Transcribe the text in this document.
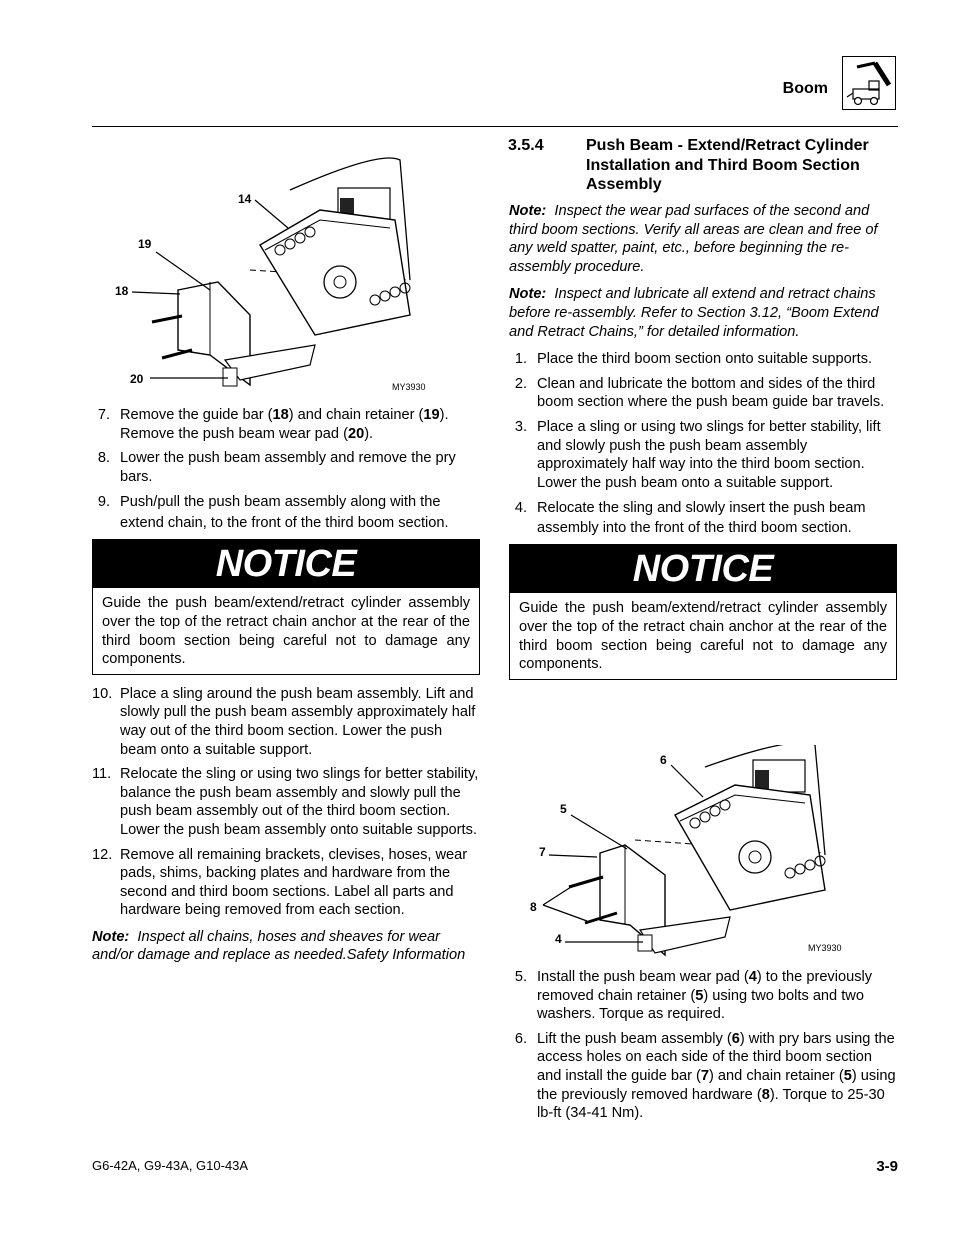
Boom
14
19
18
20
MY3930
7. Remove the guide bar (18) and chain retainer (19). Remove the push beam wear pad (20).
8. Lower the push beam assembly and remove the pry bars.
9. Push/pull the push beam assembly along with the extend chain, to the front of the third boom section.
NOTICE
Guide the push beam/extend/retract cylinder assembly over the top of the retract chain anchor at the rear of the third boom section being careful not to damage any components.
10. Place a sling around the push beam assembly. Lift and slowly pull the push beam assembly approximately half way out of the third boom section. Lower the push beam onto a suitable support.
11. Relocate the sling or using two slings for better stability, balance the push beam assembly and slowly pull the push beam assembly out of the third boom section. Lower the push beam assembly onto suitable supports.
12. Remove all remaining brackets, clevises, hoses, wear pads, shims, backing plates and hardware from the second and third boom sections. Label all parts and hardware being removed from each section.

Note: Inspect all chains, hoses and sheaves for wear and/or damage and replace as needed.Safety Information

3.5.4	Push Beam - Extend/Retract Cylinder Installation and Third Boom Section Assembly

Note: Inspect the wear pad surfaces of the second and third boom sections. Verify all areas are clean and free of any weld spatter, paint, etc., before beginning the re-assembly procedure.

Note: Inspect and lubricate all extend and retract chains before re-assembly. Refer to Section 3.12, “Boom Extend and Retract Chains,” for detailed information.

1. Place the third boom section onto suitable supports.
2. Clean and lubricate the bottom and sides of the third boom section where the push beam guide bar travels.
3. Place a sling or using two slings for better stability, lift and slowly push the push beam assembly approximately half way into the third boom section. Lower the push beam onto a suitable support.
4. Relocate the sling and slowly insert the push beam assembly into the front of the third boom section.
NOTICE
Guide the push beam/extend/retract cylinder assembly over the top of the retract chain anchor at the rear of the third boom section being careful not to damage any components.
6
5
7
8
4
MY3930
5. Install the push beam wear pad (4) to the previously removed chain retainer (5) using two bolts and two washers. Torque as required.
6. Lift the push beam assembly (6) with pry bars using the access holes on each side of the third boom section and install the guide bar (7) and chain retainer (5) using the previously removed hardware (8). Torque to 25-30 lb-ft (34-41 Nm).
G6-42A, G9-43A, G10-43A	3-9
